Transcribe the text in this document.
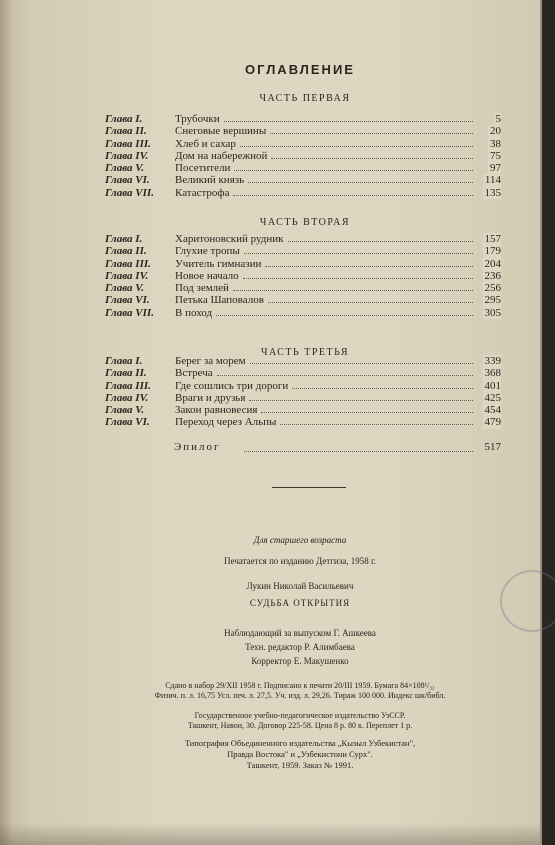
ОГЛАВЛЕНИЕ
ЧАСТЬ ПЕРВАЯ
Глава I.	Трубочки	5
Глава II.	Снеговые вершины	20
Глава III. Хлеб и сахар	38
Глава IV. Дом на набережной	75
Глава V.	Посетители	97
Глава VI. Великий князь	114
Глава VII. Катастрофа	135
ЧАСТЬ ВТОРАЯ
Глава I.	Харитоновский рудник	157
Глава II.	Глухие тропы	179
Глава III. Учитель гимназии	204
Глава IV. Новое начало	236
Глава V.	Под землей	256
Глава VI. Петька Шаповалов	295
Глава VII. В поход	305
ЧАСТЬ ТРЕТЬЯ
Глава I.	Берег за морем	339
Глава II.	Встреча	368
Глава III. Где сошлись три дороги	401
Глава IV. Враги и друзья	425
Глава V.	Закон равновесия	454
Глава VI. Переход через Альпы	479
Эпилог	517
Для старшего возраста
Печатается по изданию Детгиза, 1958 г.
Лукин Николай Васильевич
СУДЬБА ОТКРЫТИЯ
Наблюдающий за выпуском Г. Ашкеева
Техн. редактор Р. Алимбаева
Корректор Е. Макушенко
Сдано в набор 29/XII 1958 г. Подписано к печати 20/III 1959. Бумага 84×108¹/₃₂
Физич. п. л. 16,75 Усл. печ. л. 27,5. Уч. изд. л. 29,26. Тираж 100 000. Индекс шк/библ.
Государственное учебно-педагогическое издательство УзССР.
Ташкент, Навои, 30. Договор 225-58. Цена 8 р. 80 к. Переплет 1 р.
Типография Объединенного издательства „Кызыл Узбекистан",
Правда Востока" и „Узбекистони Сурх".
Ташкент, 1959. Заказ № 1991.
